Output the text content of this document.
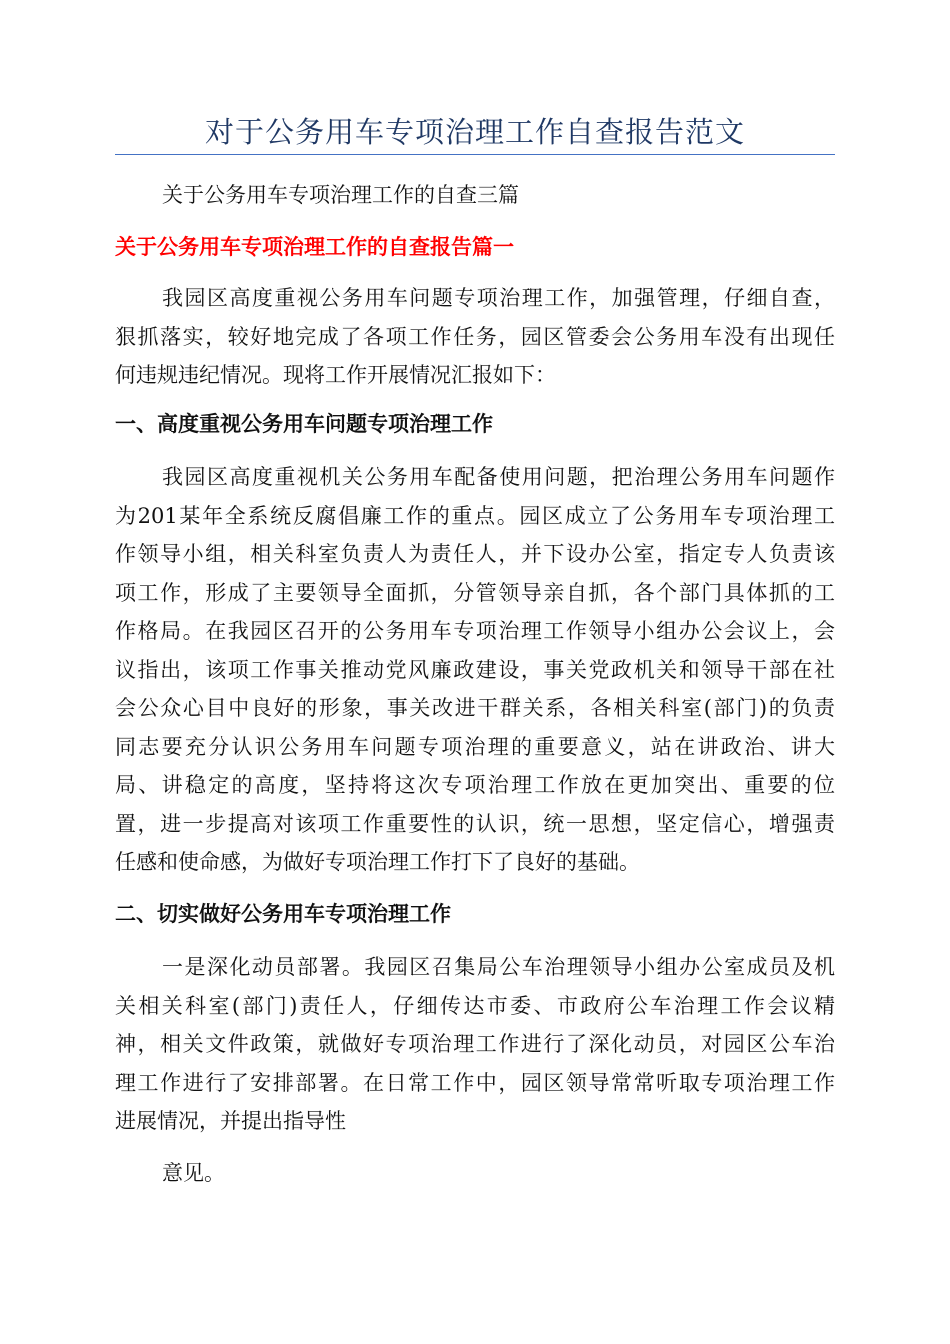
对于公务用车专项治理工作自查报告范文
关于公务用车专项治理工作的自查三篇
关于公务用车专项治理工作的自查报告篇一
我园区高度重视公务用车问题专项治理工作，加强管理，仔细自查，
狠抓落实，较好地完成了各项工作任务，园区管委会公务用车没有出现任
何违规违纪情况。现将工作开展情况汇报如下：
一、高度重视公务用车问题专项治理工作
我园区高度重视机关公务用车配备使用问题，把治理公务用车问题作
为201某年全系统反腐倡廉工作的重点。园区成立了公务用车专项治理工
作领导小组，相关科室负责人为责任人，并下设办公室，指定专人负责该
项工作，形成了主要领导全面抓，分管领导亲自抓，各个部门具体抓的工
作格局。在我园区召开的公务用车专项治理工作领导小组办公会议上，会
议指出，该项工作事关推动党风廉政建设，事关党政机关和领导干部在社
会公众心目中良好的形象，事关改进干群关系，各相关科室(部门)的负责
同志要充分认识公务用车问题专项治理的重要意义，站在讲政治、讲大
局、讲稳定的高度，坚持将这次专项治理工作放在更加突出、重要的位
置，进一步提高对该项工作重要性的认识，统一思想，坚定信心，增强责
任感和使命感，为做好专项治理工作打下了良好的基础。
二、切实做好公务用车专项治理工作
一是深化动员部署。我园区召集局公车治理领导小组办公室成员及机
关相关科室(部门)责任人，仔细传达市委、市政府公车治理工作会议精
神，相关文件政策，就做好专项治理工作进行了深化动员，对园区公车治
理工作进行了安排部署。在日常工作中，园区领导常常听取专项治理工作
进展情况，并提出指导性
意见。
